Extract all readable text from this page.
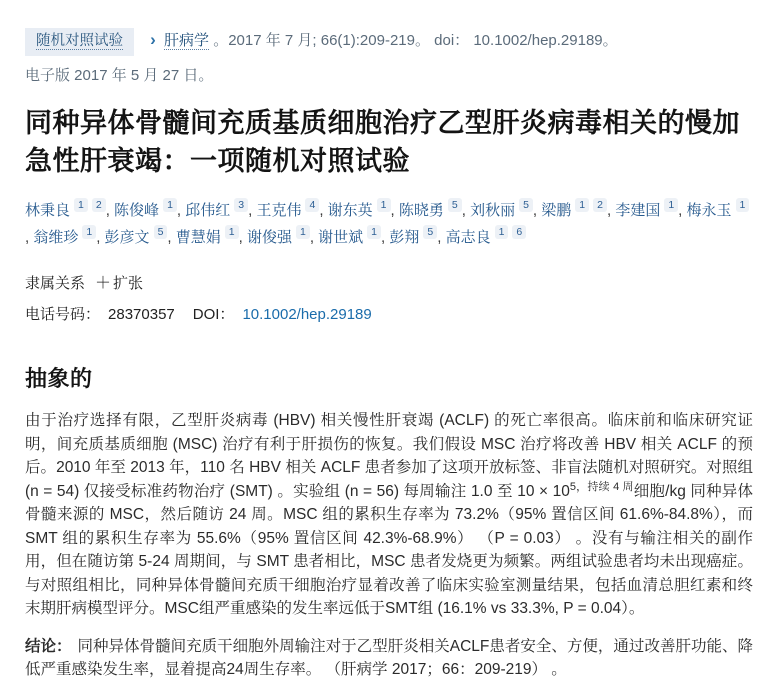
随机对照试验 › 肝病学 。2017 年 7 月; 66(1):209-219。 doi： 10.1002/hep.29189。

电子版 2017 年 5 月 27 日。

同种异体骨髓间充质基质细胞治疗乙型肝炎病毒相关的慢加急性肝衰竭：一项随机对照试验

林秉良 1 2 , 陈俊峰 1 , 邱伟红 3 , 王克伟 4 , 谢东英 1 , 陈晓勇 5 , 刘秋丽 5 , 梁鹏 1 2 , 李建国 1 , 梅永玉 1, 翁维珍 1 , 彭彦文 5 , 曹慧娟 1 , 谢俊强 1 , 谢世斌 1 , 彭翔 5 , 高志良 1 6

隶属关系 ＋ 扩张
电话号码： 28370357 DOI： 10.1002/hep.29189
抽象的

由于治疗选择有限，乙型肝炎病毒 (HBV) 相关慢性肝衰竭 (ACLF) 的死亡率很高。临床前和临床研究证明，间充质基质细胞 (MSC) 治疗有利于肝损伤的恢复。我们假设 MSC 治疗将改善 HBV 相关 ACLF 的预后。2010 年至 2013 年，110 名 HBV 相关 ACLF 患者参加了这项开放标签、非盲法随机对照研究。对照组 (n = 54) 仅接受标准药物治疗 (SMT) 。实验组 (n = 56) 每周输注 1.0 至 $10 \times 10^{5,持续 4 周}$细胞/kg 同种异体骨髓来源的 MSC，然后随访 24 周。MSC 组的累积生存率为 73.2%（95% 置信区间 61.6%-84.8%），而 SMT 组的累积生存率为 55.6%（95% 置信区间 42.3%-68.9%） （P = 0.03） 。没有与输注相关的副作用，但在随访第 5-24 周期间，与 SMT 患者相比，MSC 患者发烧更为频繁。两组试验患者均未出现癌症。与对照组相比，同种异体骨髓间充质干细胞治疗显着改善了临床实验室测量结果，包括血清总胆红素和终末期肝病模型评分。MSC组严重感染的发生率远低于SMT组 (16.1% vs 33.3%, P = 0.04）。

结论： 同种异体骨髓间充质干细胞外周输注对于乙型肝炎相关ACLF患者安全、方便，通过改善肝功能、降低严重感染发生率，显着提高24周生存率。 （肝病学 2017；66：209-219） 。
